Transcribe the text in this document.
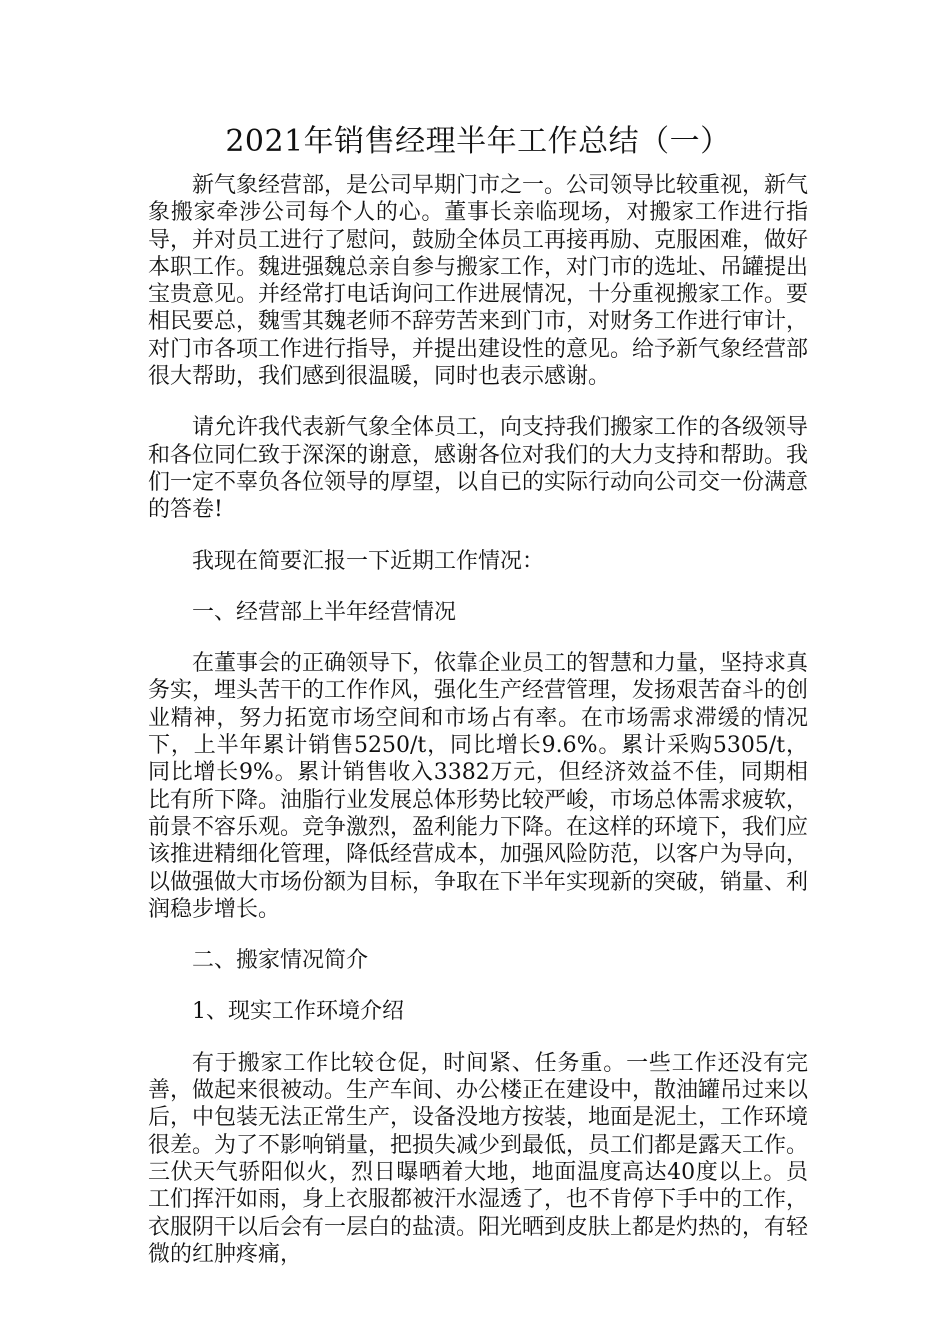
2021年销售经理半年工作总结（一）

新气象经营部，是公司早期门市之一。公司领导比较重视，新气象搬家牵涉公司每个人的心。董事长亲临现场，对搬家工作进行指导，并对员工进行了慰问，鼓励全体员工再接再励、克服困难，做好本职工作。魏进强魏总亲自参与搬家工作，对门市的选址、吊罐提出宝贵意见。并经常打电话询问工作进展情况，十分重视搬家工作。要相民要总，魏雪其魏老师不辞劳苦来到门市，对财务工作进行审计，对门市各项工作进行指导，并提出建设性的意见。给予新气象经营部很大帮助，我们感到很温暖，同时也表示感谢。

请允许我代表新气象全体员工，向支持我们搬家工作的各级领导和各位同仁致于深深的谢意，感谢各位对我们的大力支持和帮助。我们一定不辜负各位领导的厚望，以自已的实际行动向公司交一份满意的答卷!

我现在简要汇报一下近期工作情况：

一、经营部上半年经营情况

在董事会的正确领导下，依靠企业员工的智慧和力量，坚持求真务实，埋头苦干的工作作风，强化生产经营管理，发扬艰苦奋斗的创业精神，努力拓宽市场空间和市场占有率。在市场需求滞缓的情况下，上半年累计销售5250/t，同比增长9.6%。累计采购5305/t，同比增长9%。累计销售收入3382万元，但经济效益不佳，同期相比有所下降。油脂行业发展总体形势比较严峻，市场总体需求疲软，前景不容乐观。竞争激烈，盈利能力下降。在这样的环境下，我们应该推进精细化管理，降低经营成本，加强风险防范，以客户为导向，以做强做大市场份额为目标，争取在下半年实现新的突破，销量、利润稳步增长。

二、搬家情况简介

1、现实工作环境介绍

有于搬家工作比较仓促，时间紧、任务重。一些工作还没有完善，做起来很被动。生产车间、办公楼正在建设中，散油罐吊过来以后，中包装无法正常生产，设备没地方按装，地面是泥土，工作环境很差。为了不影响销量，把损失减少到最低，员工们都是露天工作。三伏天气骄阳似火，烈日曝晒着大地，地面温度高达40度以上。员工们挥汗如雨，身上衣服都被汗水湿透了，也不肯停下手中的工作，衣服阴干以后会有一层白的盐渍。阳光晒到皮肤上都是灼热的，有轻微的红肿疼痛，
